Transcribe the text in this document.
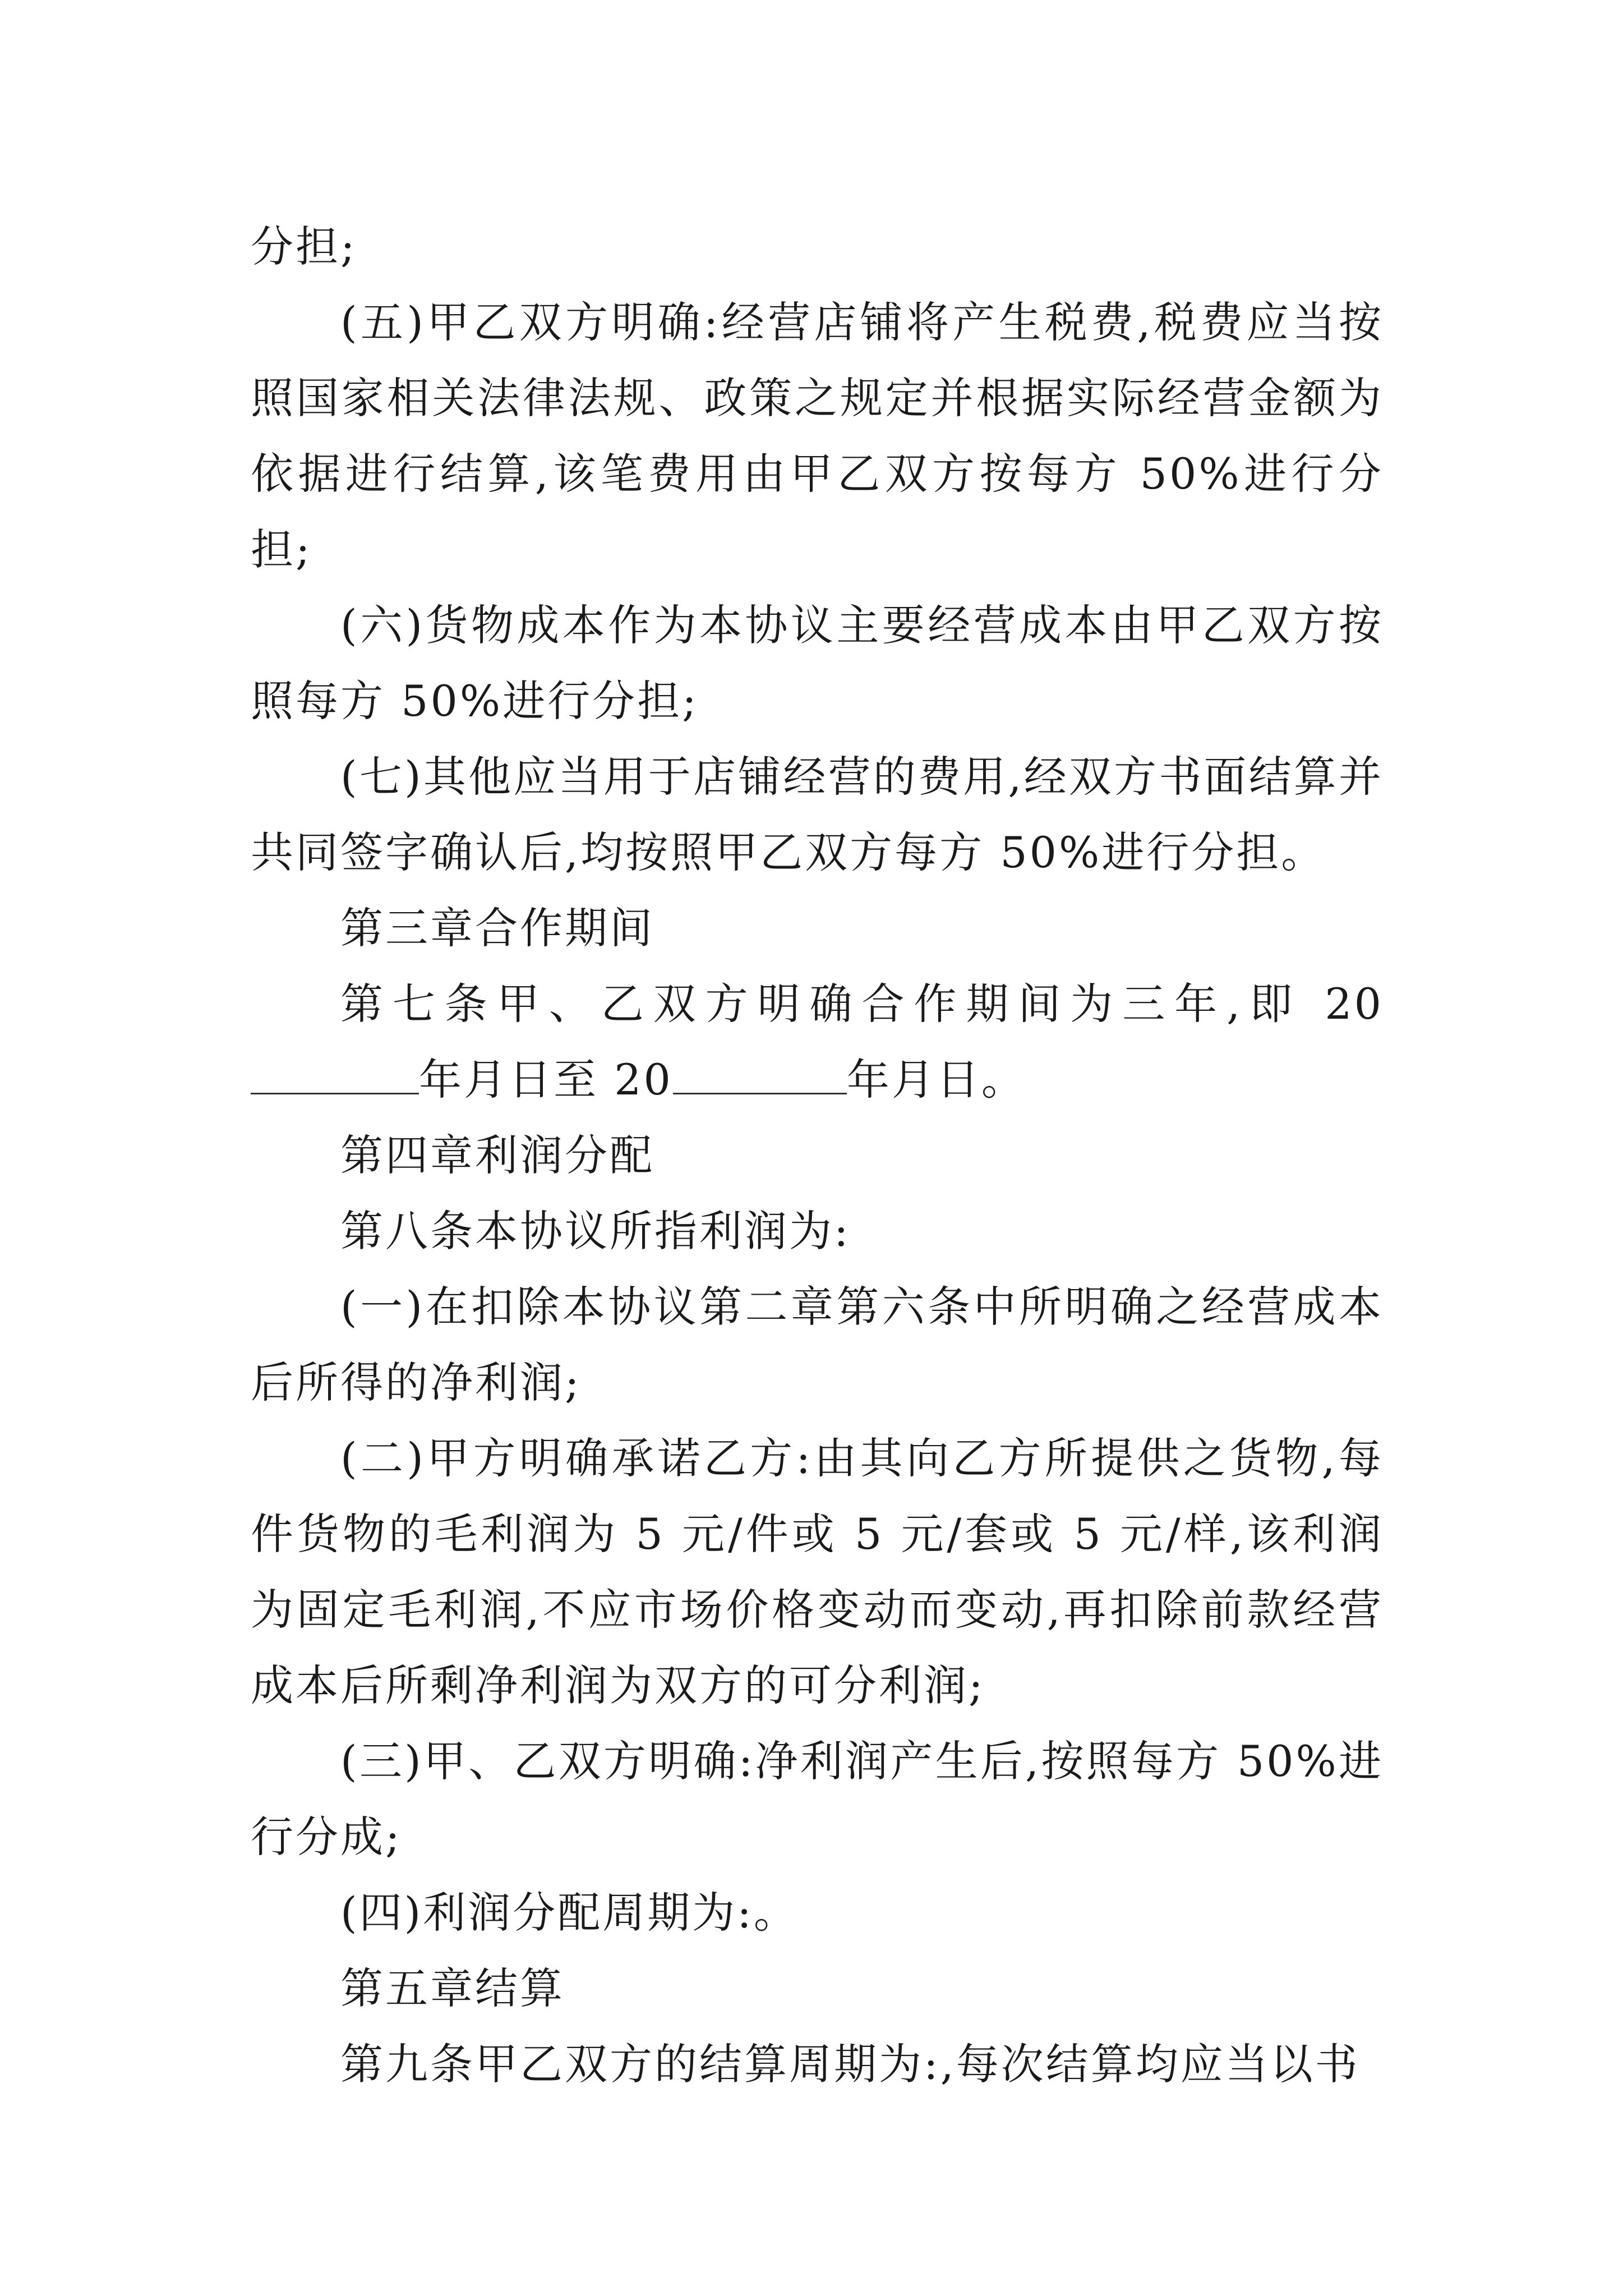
分担;

(五)甲乙双方明确:经营店铺将产生税费,税费应当按照国家相关法律法规、政策之规定并根据实际经营金额为依据进行结算,该笔费用由甲乙双方按每方 50%进行分担;

(六)货物成本作为本协议主要经营成本由甲乙双方按照每方 50%进行分担;

(七)其他应当用于店铺经营的费用,经双方书面结算并共同签字确认后,均按照甲乙双方每方 50%进行分担。

第三章合作期间

第七条甲、乙双方明确合作期间为三年,即 20年月日至 20	年月日。

第四章利润分配

第八条本协议所指利润为:

(一)在扣除本协议第二章第六条中所明确之经营成本后所得的净利润;

(二)甲方明确承诺乙方:由其向乙方所提供之货物,每件货物的毛利润为 5 元/件或 5 元/套或 5 元/样,该利润为固定毛利润,不应市场价格变动而变动,再扣除前款经营成本后所剩净利润为双方的可分利润;

(三)甲、乙双方明确:净利润产生后,按照每方 50%进行分成;

(四)利润分配周期为:。

第五章结算

第九条甲乙双方的结算周期为:,每次结算均应当以书
